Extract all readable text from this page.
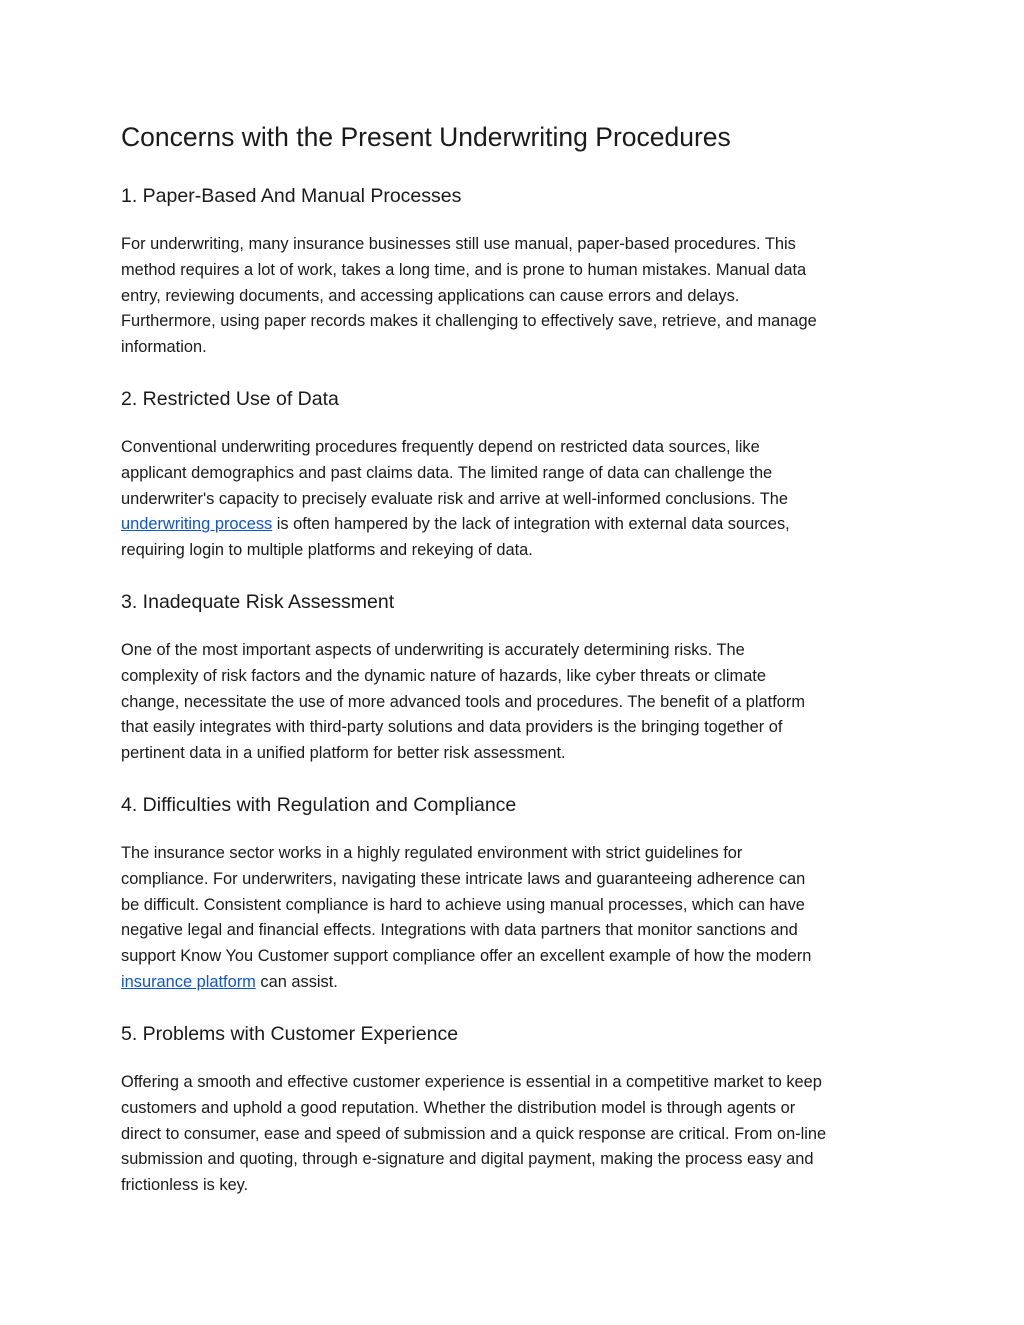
Concerns with the Present Underwriting Procedures
1. Paper-Based And Manual Processes

For underwriting, many insurance businesses still use manual, paper-based procedures. This
method requires a lot of work, takes a long time, and is prone to human mistakes. Manual data
entry, reviewing documents, and accessing applications can cause errors and delays.
Furthermore, using paper records makes it challenging to effectively save, retrieve, and manage
information.

2. Restricted Use of Data

Conventional underwriting procedures frequently depend on restricted data sources, like
applicant demographics and past claims data. The limited range of data can challenge the
underwriter's capacity to precisely evaluate risk and arrive at well-informed conclusions. The
underwriting process is often hampered by the lack of integration with external data sources,
requiring login to multiple platforms and rekeying of data.

3. Inadequate Risk Assessment

One of the most important aspects of underwriting is accurately determining risks. The
complexity of risk factors and the dynamic nature of hazards, like cyber threats or climate
change, necessitate the use of more advanced tools and procedures. The benefit of a platform
that easily integrates with third-party solutions and data providers is the bringing together of
pertinent data in a unified platform for better risk assessment.

4. Difficulties with Regulation and Compliance

The insurance sector works in a highly regulated environment with strict guidelines for
compliance. For underwriters, navigating these intricate laws and guaranteeing adherence can
be difficult. Consistent compliance is hard to achieve using manual processes, which can have
negative legal and financial effects. Integrations with data partners that monitor sanctions and
support Know You Customer support compliance offer an excellent example of how the modern
insurance platform can assist.

5. Problems with Customer Experience

Offering a smooth and effective customer experience is essential in a competitive market to keep
customers and uphold a good reputation. Whether the distribution model is through agents or
direct to consumer, ease and speed of submission and a quick response are critical. From on-line
submission and quoting, through e-signature and digital payment, making the process easy and
frictionless is key.
